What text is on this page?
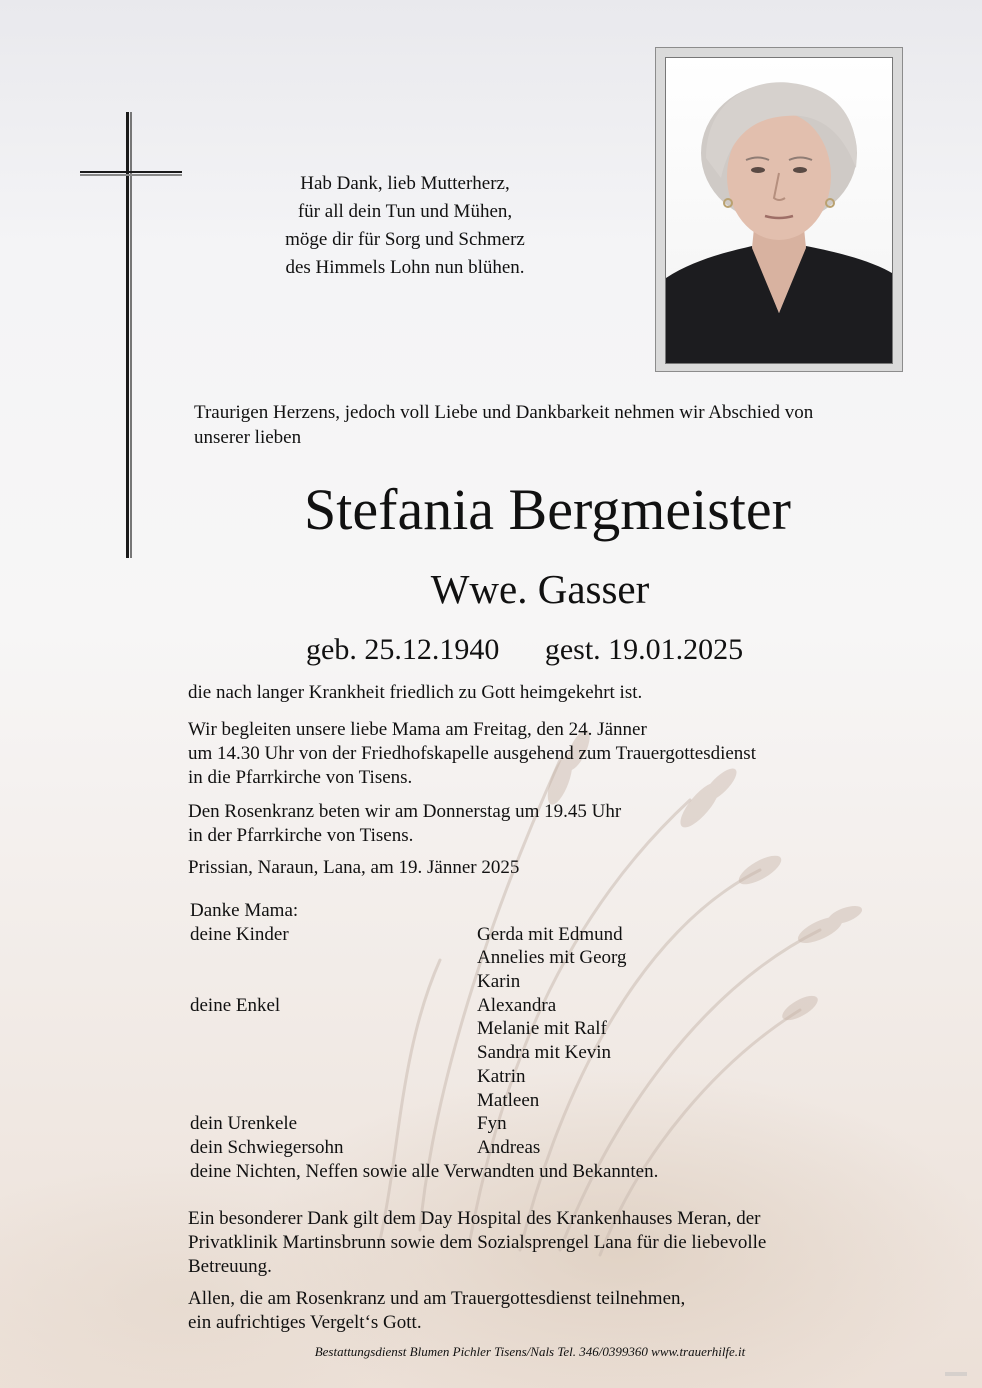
Hab Dank, lieb Mutterherz,
für all dein Tun und Mühen,
möge dir für Sorg und Schmerz
des Himmels Lohn nun blühen.
Traurigen Herzens, jedoch voll Liebe und Dankbarkeit nehmen wir Abschied von
unserer lieben
Stefania Bergmeister
Wwe. Gasser
geb. 25.12.1940 gest. 19.01.2025
die nach langer Krankheit friedlich zu Gott heimgekehrt ist.
Wir begleiten unsere liebe Mama am Freitag, den 24. Jänner
um 14.30 Uhr von der Friedhofskapelle ausgehend zum Trauergottesdienst
in die Pfarrkirche von Tisens.
Den Rosenkranz beten wir am Donnerstag um 19.45 Uhr
in der Pfarrkirche von Tisens.
Prissian, Naraun, Lana, am 19. Jänner 2025
Danke Mama:
deine Kinder	Gerda mit Edmund
Annelies mit Georg
Karin
deine Enkel	Alexandra
Melanie mit Ralf
Sandra mit Kevin
Katrin
Matleen
dein Urenkele	Fyn
dein Schwiegersohn	Andreas
deine Nichten, Neffen sowie alle Verwandten und Bekannten.
Ein besonderer Dank gilt dem Day Hospital des Krankenhauses Meran, der
Privatklinik Martinsbrunn sowie dem Sozialsprengel Lana für die liebevolle
Betreuung.
Allen, die am Rosenkranz und am Trauergottesdienst teilnehmen,
ein aufrichtiges Vergelt‘s Gott.
Bestattungsdienst Blumen Pichler Tisens/Nals Tel. 346/0399360 www.trauerhilfe.it
